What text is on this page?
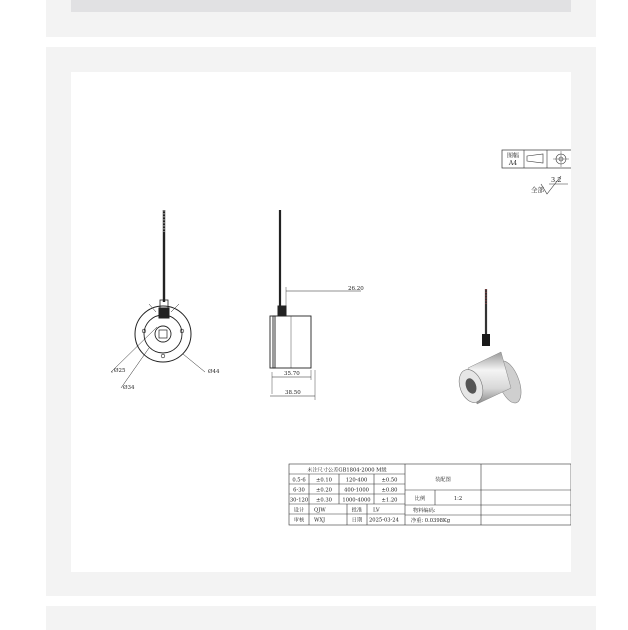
图幅
A4
3.2
全部
Ø25
Ø34
Ø44
26.20
35.70
38.50
未注尺寸公差GB1804-2000 M级
0.5-6 ±0.10	120-400	±0.50
6-30 ±0.20 400-1000 ±0.80
30-120 ±0.30 1000-4000 ±1.20
设计 QJW	批准 LV
审核 WXJ	日期 2025-03-24
装配图
比例	1:2
物料编码:
净重: 0.0398Kg
